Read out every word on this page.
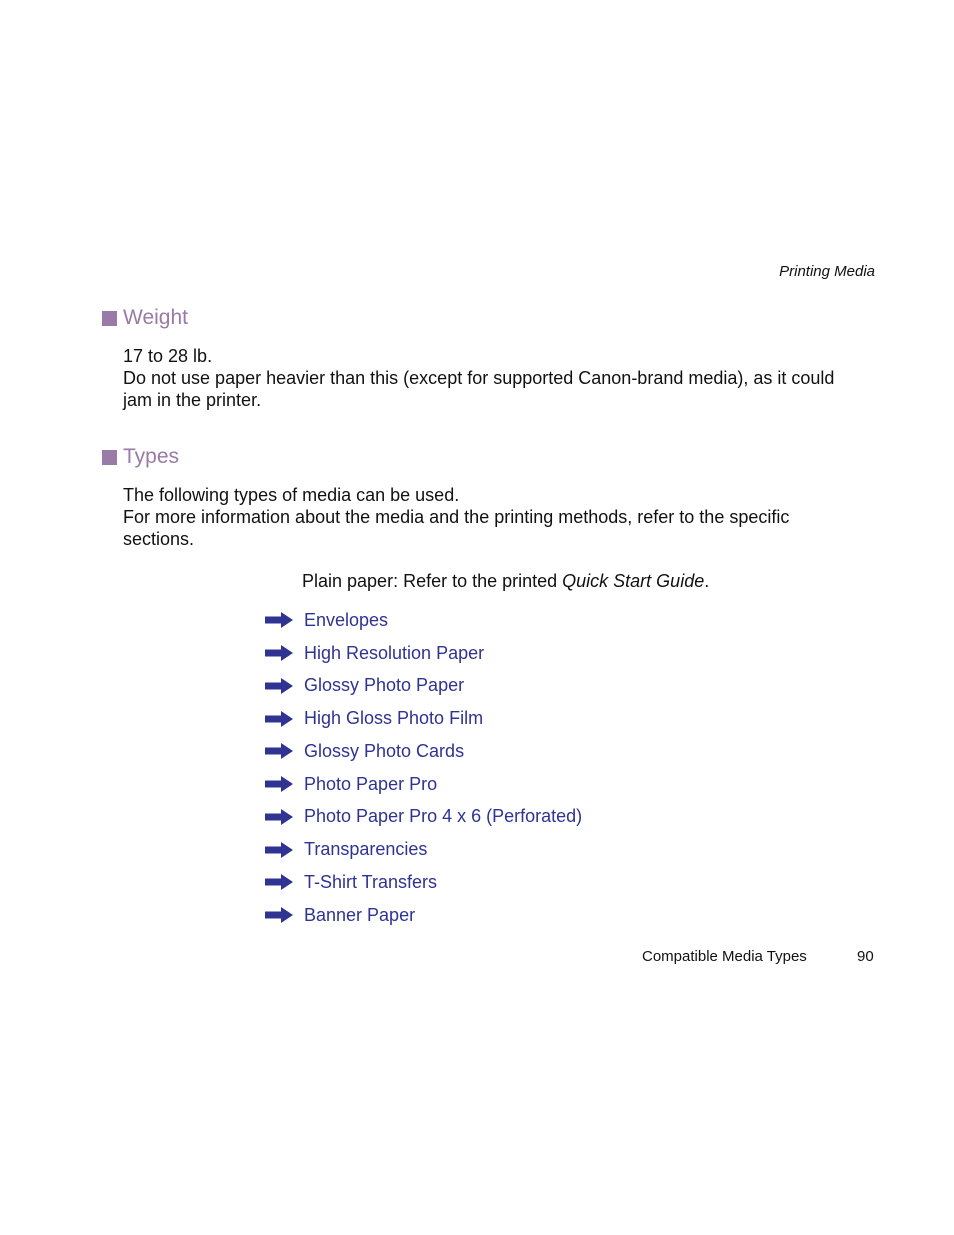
Printing Media
Weight

17 to 28 lb.

Do not use paper heavier than this (except for supported Canon-brand media), as it could jam in the printer.

Types

The following types of media can be used.

For more information about the media and the printing methods, refer to the specific sections.

Plain paper: Refer to the printed Quick Start Guide.
Envelopes
High Resolution Paper
Glossy Photo Paper
High Gloss Photo Film
Glossy Photo Cards
Photo Paper Pro
Photo Paper Pro 4 x 6 (Perforated)
Transparencies
T-Shirt Transfers
Banner Paper
Compatible Media Types	90
